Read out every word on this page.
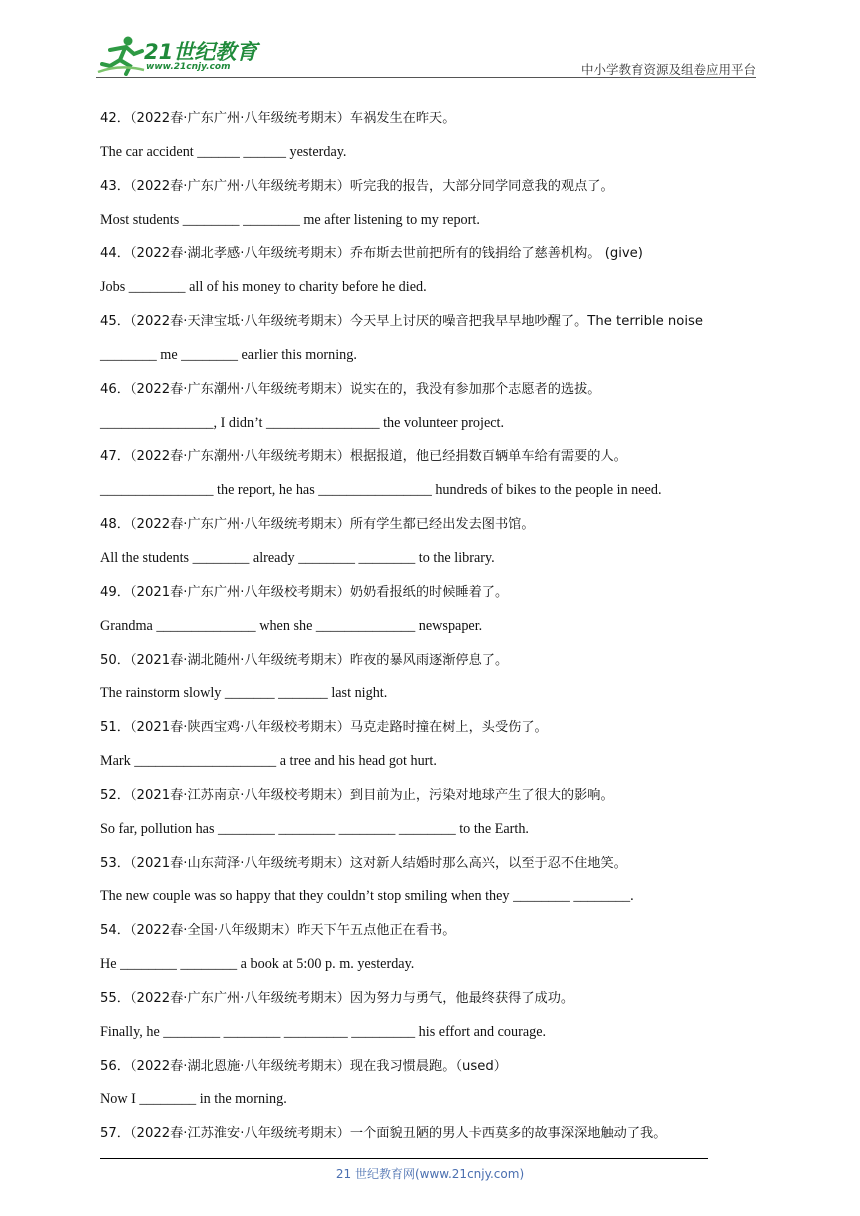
21世纪教育
www.21cnjy.com	中小学教育资源及组卷应用平台
42．（2022春·广东广州·八年级统考期末）车祸发生在昨天。
The car accident ______ ______ yesterday.
43．（2022春·广东广州·八年级统考期末）听完我的报告，大部分同学同意我的观点了。
Most students ________ ________ me after listening to my report.
44．（2022春·湖北孝感·八年级统考期末）乔布斯去世前把所有的钱捐给了慈善机构。 (give)
Jobs ________ all of his money to charity before he died.
45．（2022春·天津宝坻·八年级统考期末）今天早上讨厌的噪音把我早早地吵醒了。The terrible noise
________ me ________ earlier this morning.
46．（2022春·广东潮州·八年级统考期末）说实在的，我没有参加那个志愿者的选拔。
________________, I didn’t ________________ the volunteer project.
47．（2022春·广东潮州·八年级统考期末）根据报道，他已经捐数百辆单车给有需要的人。
________________ the report, he has ________________ hundreds of bikes to the people in need.
48．（2022春·广东广州·八年级统考期末）所有学生都已经出发去图书馆。
All the students ________ already ________ ________ to the library.
49．（2021春·广东广州·八年级校考期末）奶奶看报纸的时候睡着了。
Grandma ______________ when she ______________ newspaper.
50．（2021春·湖北随州·八年级统考期末）昨夜的暴风雨逐渐停息了。
The rainstorm slowly _______ _______ last night.
51．（2021春·陕西宝鸡·八年级校考期末）马克走路时撞在树上，头受伤了。
Mark ____________________ a tree and his head got hurt.
52．（2021春·江苏南京·八年级校考期末）到目前为止，污染对地球产生了很大的影响。
So far, pollution has ________ ________ ________ ________ to the Earth.
53．（2021春·山东菏泽·八年级统考期末）这对新人结婚时那么高兴，以至于忍不住地笑。
The new couple was so happy that they couldn’t stop smiling when they ________ ________.
54．（2022春·全国·八年级期末）昨天下午五点他正在看书。
He ________ ________ a book at 5:00 p. m. yesterday.
55．（2022春·广东广州·八年级统考期末）因为努力与勇气，他最终获得了成功。
Finally, he ________ ________ _________ _________ his effort and courage.
56．（2022春·湖北恩施·八年级统考期末）现在我习惯晨跑。（used）
Now I ________ in the morning.
57．（2022春·江苏淮安·八年级统考期末）一个面貌丑陋的男人卡西莫多的故事深深地触动了我。
21 世纪教育网(www.21cnjy.com)
